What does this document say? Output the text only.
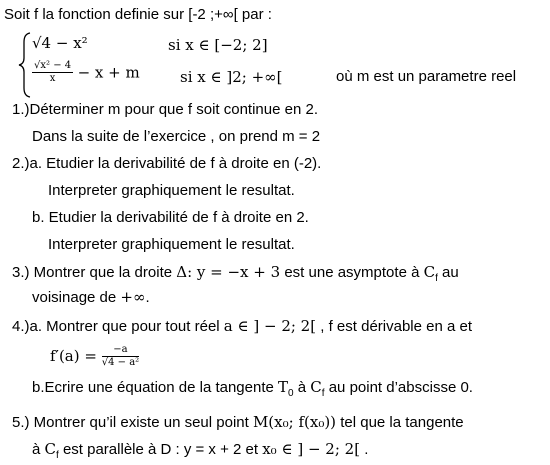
Soit f la fonction definie sur [-2 ;+∞[ par :
√4 − x²	si x ∈ [−2; 2]
$\frac{\text{√x² − 4}}{x} - x + m$	si x ∈ ]2; +∞[	où m est un parametre reel
1.)Déterminer m pour que f soit continue en 2.
Dans la suite de l’exercice , on prend m = 2
2.)a. Etudier la derivabilité de f à droite en (-2).
Interpreter graphiquement le resultat.
b. Etudier la derivabilité de f à droite en 2.
Interpreter graphiquement le resultat.
3.) Montrer que la droite Δ: y = −x + 3 est une asymptote à $C_f$ au
voisinage de +∞.
4.)a. Montrer que pour tout réel a ∈ ] − 2; 2[ , f est dérivable en a et
$f'(a) = \frac{-a}{\text{√4 − a²}}$
b.Ecrire une équation de la tangente $T_0$ à $C_f$ au point d’abscisse 0.
5.) Montrer qu’il existe un seul point M(x₀; f(x₀)) tel que la tangente
à $C_f$ est parallèle à D : y = x + 2 et x₀ ∈ ] − 2; 2[ .
